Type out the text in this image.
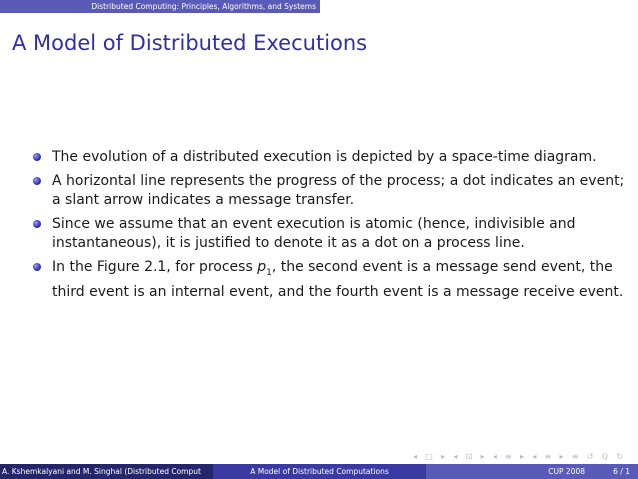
Distributed Computing: Principles, Algorithms, and Systems
A Model of Distributed Executions
The evolution of a distributed execution is depicted by a space-time diagram.
A horizontal line represents the progress of the process; a dot indicates an event; a slant arrow indicates a message transfer.
Since we assume that an event execution is atomic (hence, indivisible and instantaneous), it is justified to denote it as a dot on a process line.
In the Figure 2.1, for process $p_1$, the second event is a message send event, the third event is an internal event, and the fourth event is a message receive event.
◂ □ ▸ ◂ ⊡ ▸ ◂ ≡ ▸ ◂ ≡ ▸ ≡ ↺ ℚ ↻
A. Kshemkalyani and M. Singhal (Distributed Comput	A Model of Distributed Computations	CUP 2008	6 / 1
